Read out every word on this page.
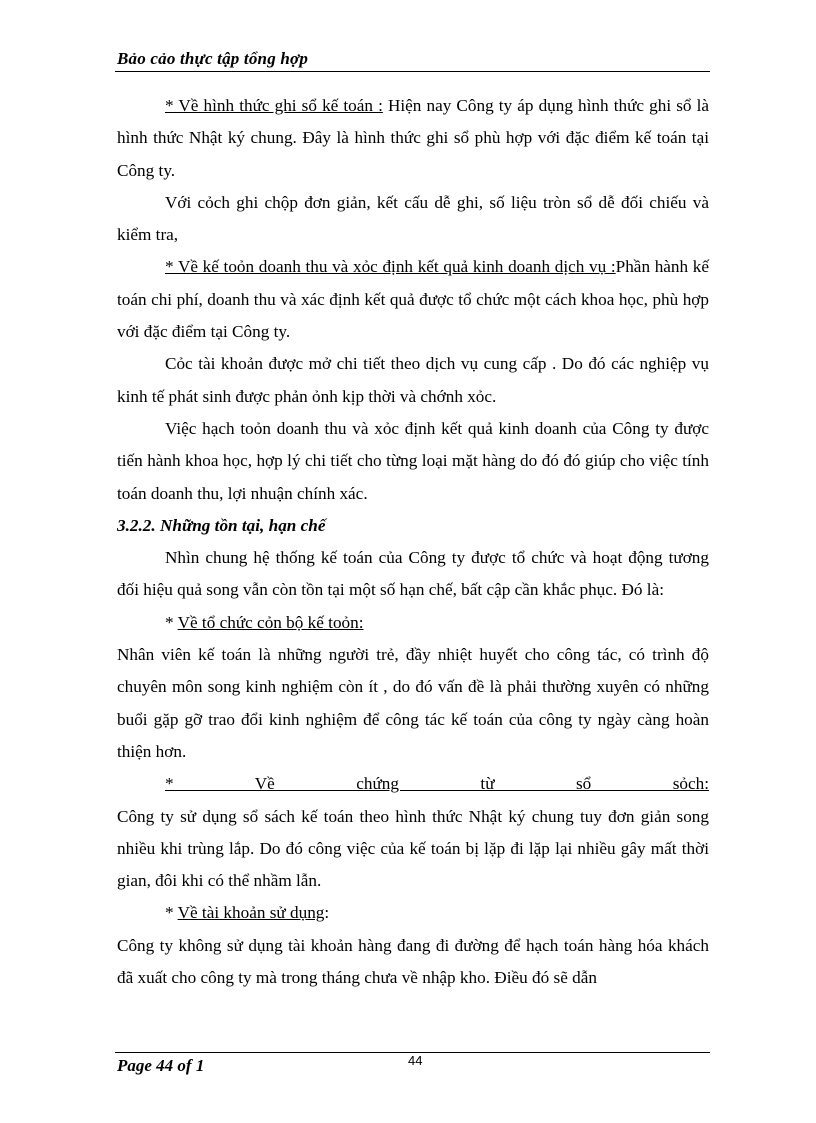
Bảo cảo thực tập tổng hợp

* Về hình thức ghi sổ kế toán : Hiện nay Công ty áp dụng hình thức ghi sổ là hình thức Nhật ký chung. Đây là hình thức ghi sổ phù hợp với đặc điểm kế toán tại Công ty.

Với cỏch ghi chộp đơn giản, kết cấu dễ ghi, số liệu tròn sổ dễ đối chiếu và kiểm tra,

* Về kế toỏn doanh thu và xỏc định kết quả kinh doanh dịch vụ :Phần hành kế toán chi phí, doanh thu và xác định kết quả được tổ chức một cách khoa học, phù hợp với đặc điểm tại Công ty.

Cỏc tài khoản được mở chi tiết theo dịch vụ cung cấp . Do đó các nghiệp vụ kinh tế phát sinh được phản ỏnh kịp thời và chớnh xỏc.

Việc hạch toỏn doanh thu và xỏc định kết quả kinh doanh của Công ty được tiến hành khoa học, hợp lý chi tiết cho từng loại mặt hàng do đó đó giúp cho việc tính toán doanh thu, lợi nhuận chính xác.

3.2.2. Những tồn tại, hạn chế

Nhìn chung hệ thống kế toán của Công ty được tổ chức và hoạt động tương đối hiệu quả song vẫn còn tồn tại một số hạn chế, bất cập cần khắc phục. Đó là:

* Về tổ chức cỏn bộ kế toỏn:

Nhân viên kế toán là những người trẻ, đầy nhiệt huyết cho công tác, có trình độ chuyên môn song kinh nghiệm còn ít , do đó vấn đề là phải thường xuyên có những buổi gặp gỡ trao đổi kinh nghiệm để công tác kế toán của công ty ngày càng hoàn thiện hơn.

* Về chứng từ sổ sỏch:

Công ty sử dụng sổ sách kế toán theo hình thức Nhật ký chung tuy đơn giản song nhiều khi trùng lắp. Do đó công việc của kế toán bị lặp đi lặp lại nhiều gây mất thời gian, đôi khi có thể nhầm lẫn.

* Về tài khoản sử dụng:

Công ty không sử dụng tài khoản hàng đang đi đường để hạch toán hàng hóa khách đã xuất cho công ty mà trong tháng chưa về nhập kho. Điều đó sẽ dẫn

Page 44 of 1	44
